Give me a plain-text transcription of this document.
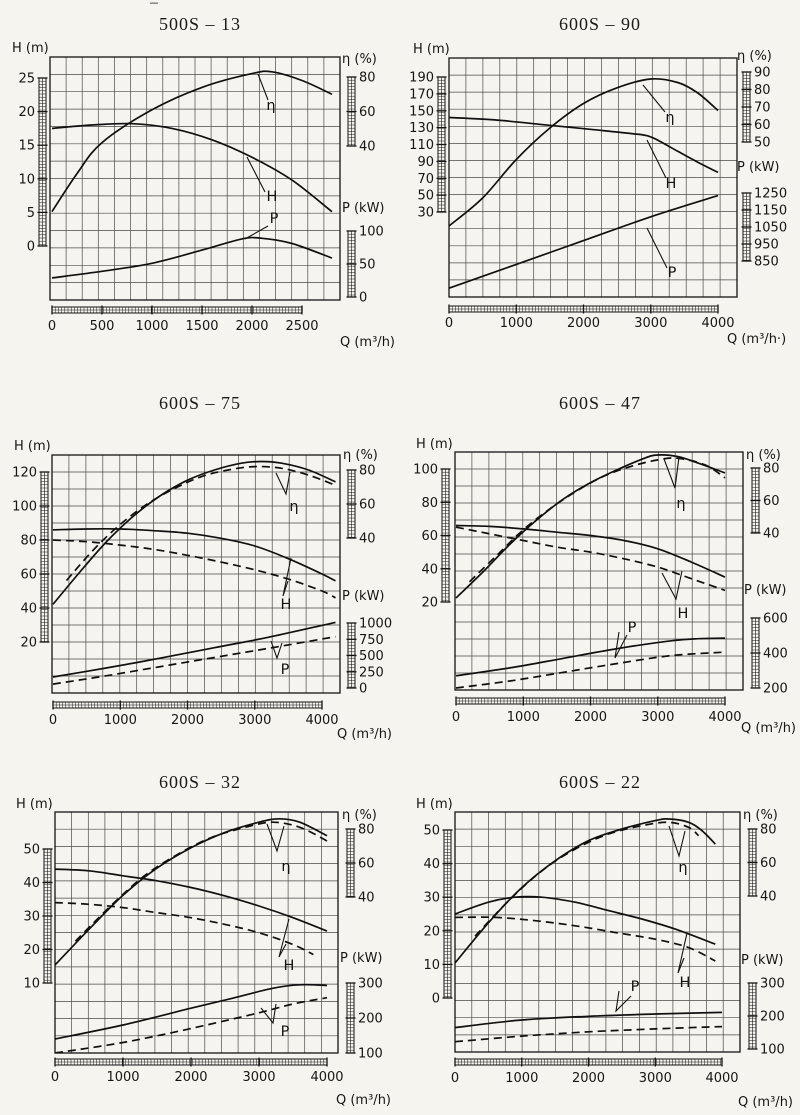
–
500S – 13
25
20
15
10
5
0
80
60
40
100
50
0
0	500 1000 1500 2000 2500
H (m)
η (%)
P (kW)
Q (m³/h)
η
H
P
600S – 90
190
170
150
130
110
90
70
50
30
90
80
70
60
50
1250
1150
1050
950
850
0	1000	2000	3000	4000
H (m)	η (%)
P (kW)
Q (m³/h·)
η
H
P
600S – 75
120
100
80
60
40
20
80
60
40
1000
750
500
250
0
0	1000	2000	3000	4000
H (m)
η (%)
P (kW)
Q (m³/h)
η
H
P
600S – 47
100
80
60
40
20
80
60
40
600
400
200
0	1000	2000	3000	4000
H (m)
η (%)
P (kW)
Q (m³/h)
η
H
P
600S – 32
50
40
30
20
10
80
60
40
300
200
100
0	1000	2000	3000	4000
H (m)
η (%)
P (kW)
Q (m³/h)
η
H
P
600S – 22
50
40
30
20
10
0
80
60
40
300
200
100
0	1000	2000	3000	4000
H (m)
η (%)
P (kW)
Q (m³/h)
η
H
P
